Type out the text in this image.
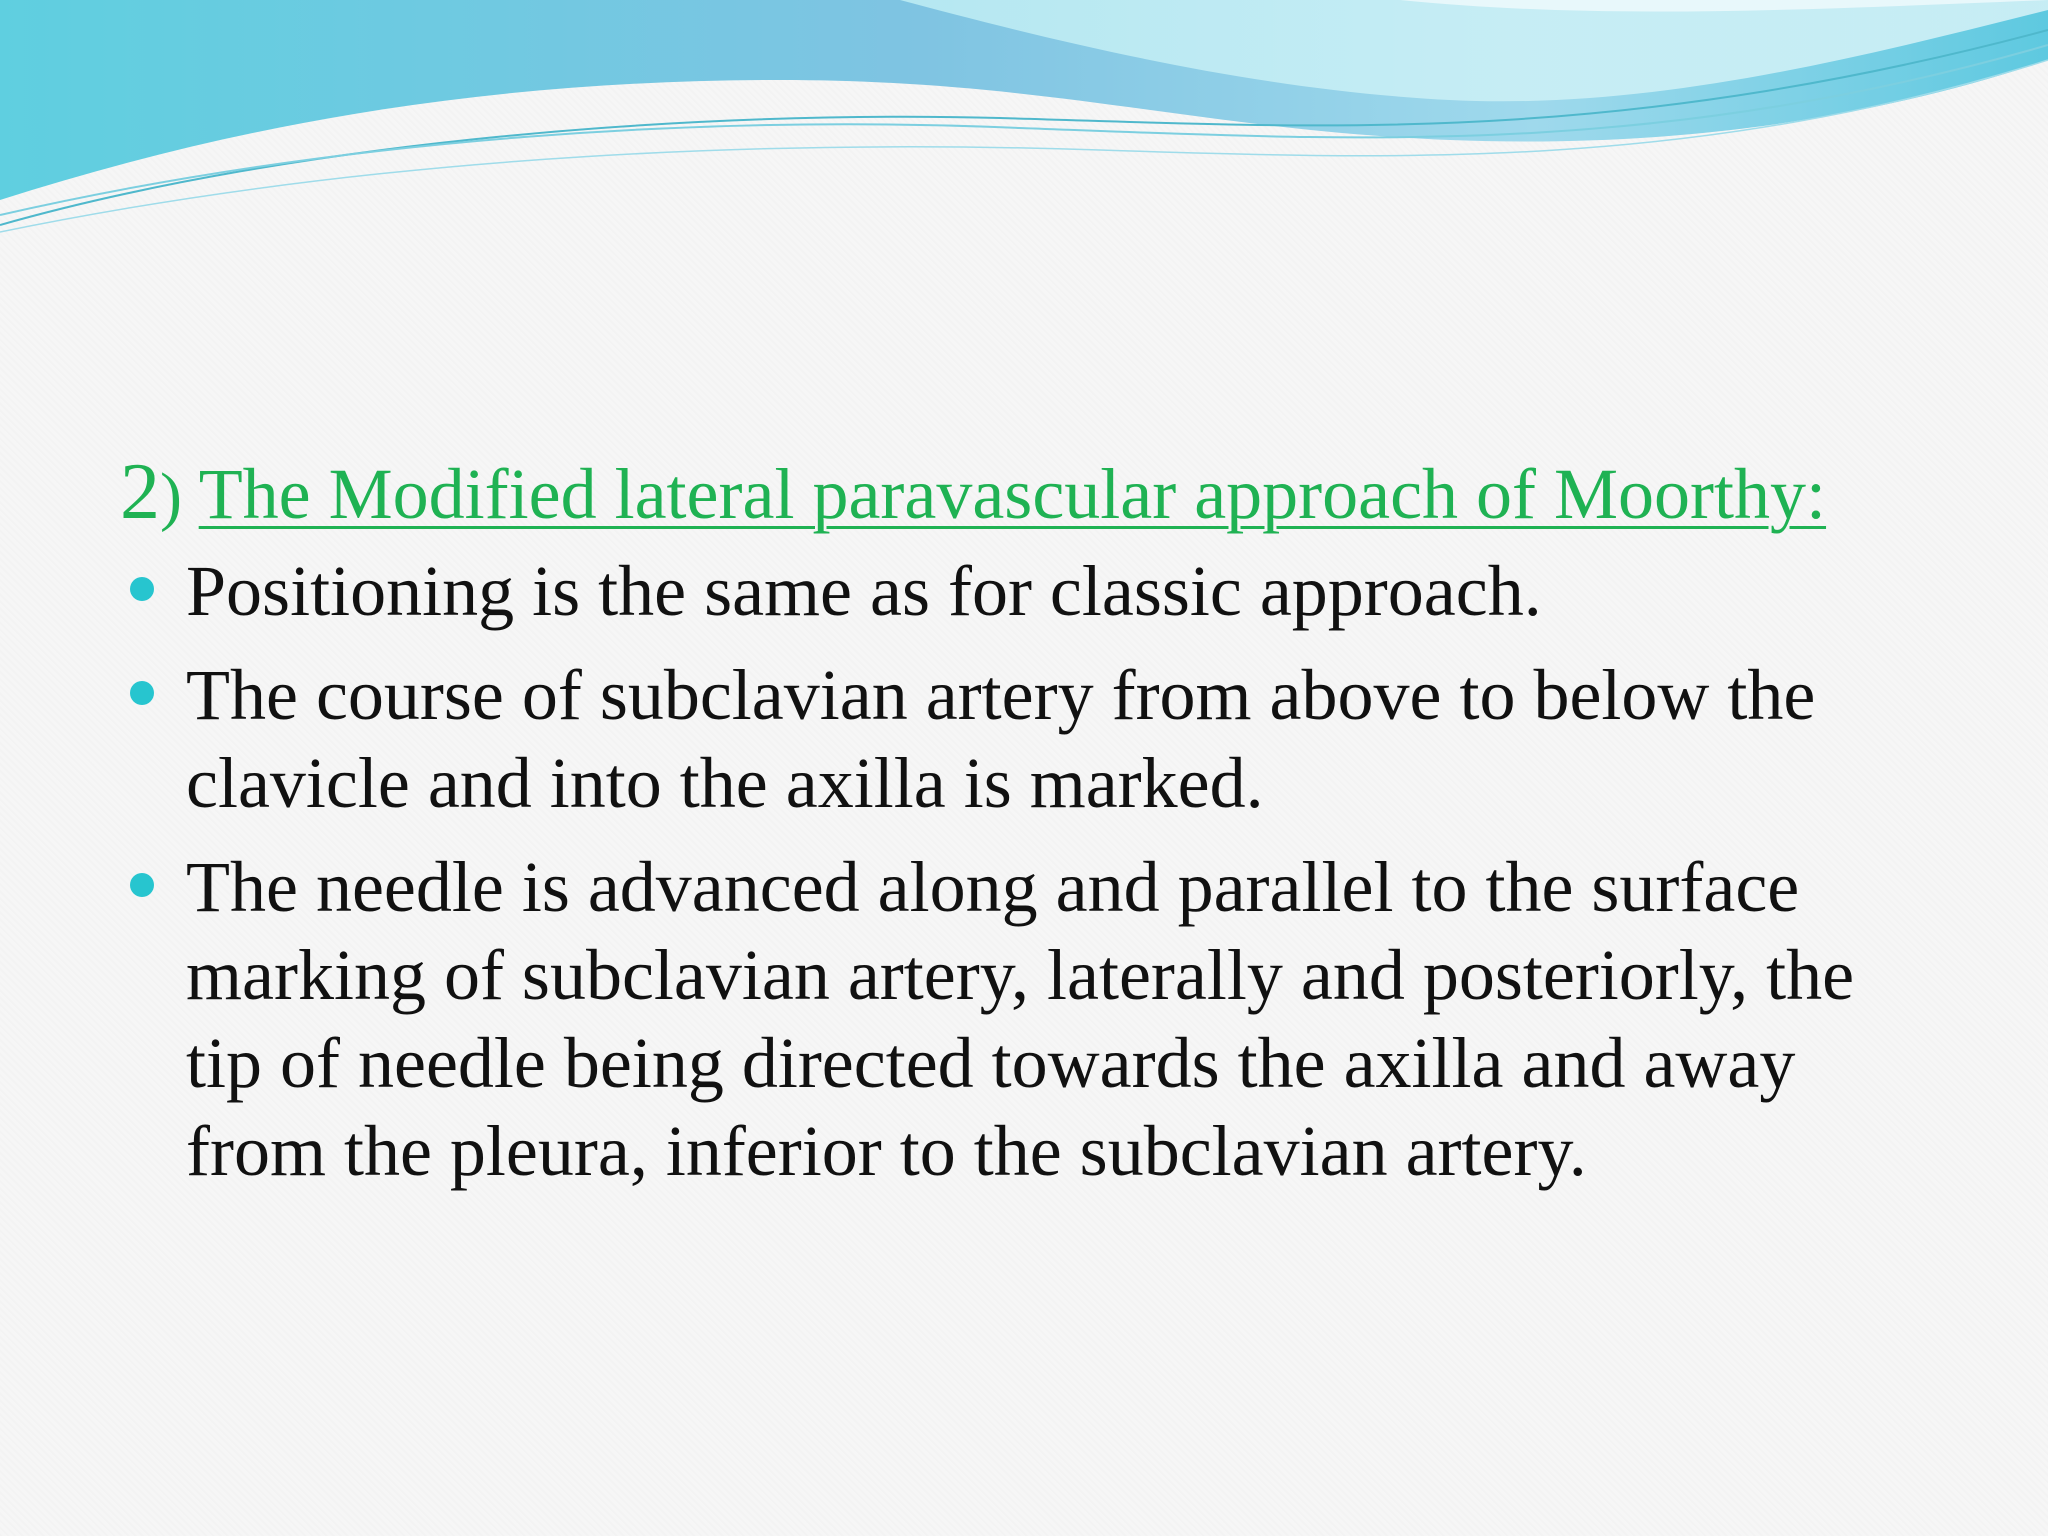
2) The Modified lateral paravascular approach of Moorthy:

Positioning is the same as for classic approach.
The course of subclavian artery from above to below the clavicle and into the axilla is marked.
The needle is advanced along and parallel to the surface marking of subclavian artery, laterally and posteriorly, the tip of needle being directed towards the axilla and away from the pleura, inferior to the subclavian artery.
